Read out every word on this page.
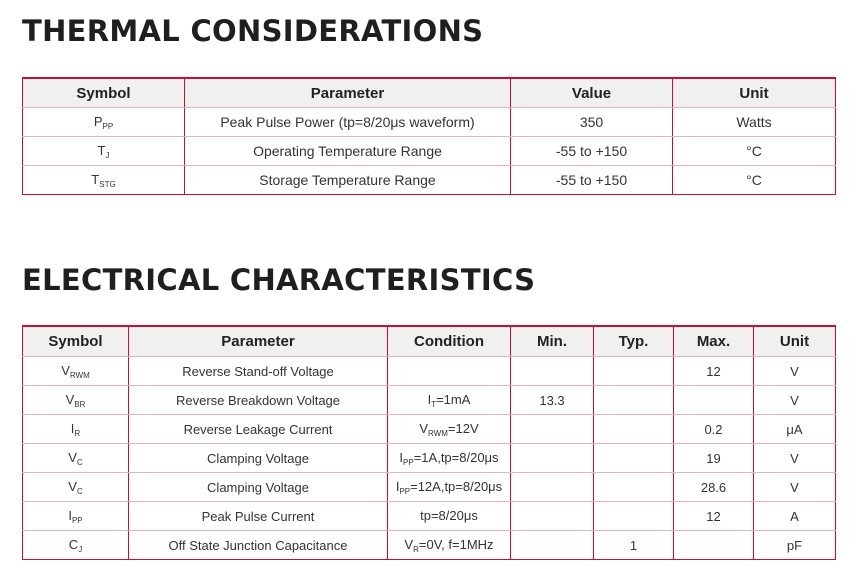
THERMAL CONSIDERATIONS
Symbol	Parameter	Value	Unit
$P_{PP}$	Peak Pulse Power (tp=8/20μs waveform)	350	Watts
$T_J$	Operating Temperature Range	-55 to +150	°C
$T_{STG}$	Storage Temperature Range	-55 to +150	°C
ELECTRICAL CHARACTERISTICS
Symbol	Parameter	Condition	Min.	Typ.	Max.	Unit
$V_{RWM}$	Reverse Stand-off Voltage				12	V
$V_{BR}$	Reverse Breakdown Voltage	$I_T=1mA$	13.3			V
$I_R$	Reverse Leakage Current	$V_{RWM}=12V$			0.2	μA
$V_C$	Clamping Voltage	$I_{PP}=1A,tp=8/20\mu s$			19	V
$V_C$	Clamping Voltage	$I_{PP}=12A,tp=8/20\mu s$			28.6	V
$I_{PP}$	Peak Pulse Current	tp=8/20μs			12	A
$C_J$	Off State Junction Capacitance	$V_R=0V$, f=1MHz		1		pF
